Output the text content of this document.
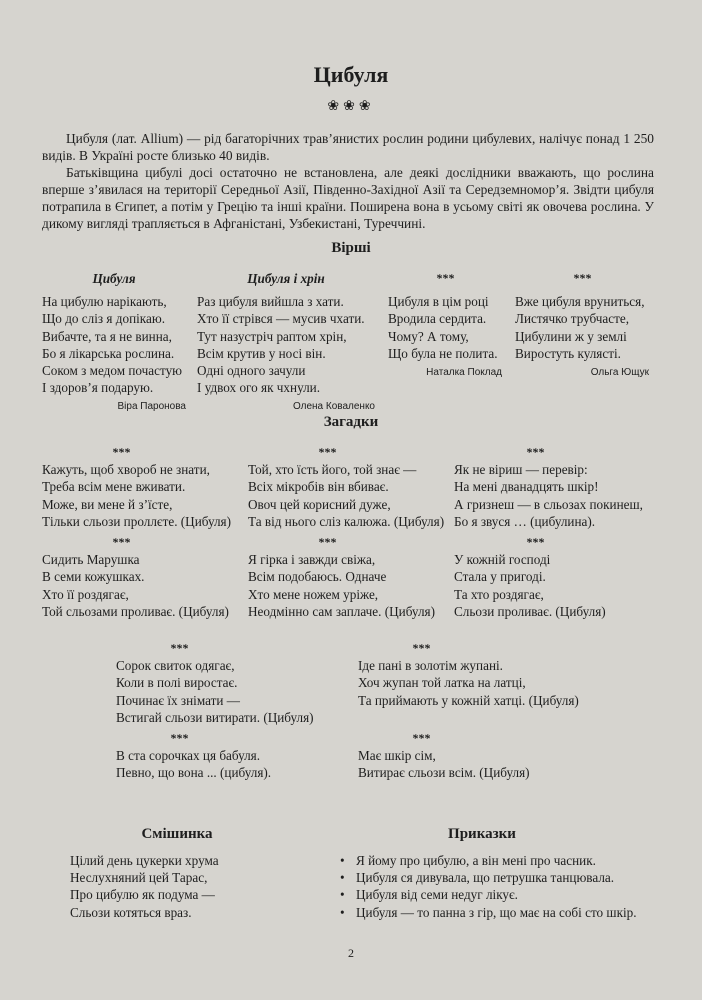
Цибуля
❀❀❀

Цибуля (лат. Allium) — рід багаторічних трав’янистих рослин родини цибулевих, налічує понад 1 250 видів. В Україні росте близько 40 видів.

Батьківщина цибулі досі остаточно не встановлена, але деякі дослідники вважають, що рослина вперше з’явилася на території Середньої Азії, Південно-Західної Азії та Середземномор’я. Звідти цибуля потрапила в Єгипет, а потім у Грецію та інші країни. Поширена вона в усьому світі як овочева рослина. У дикому вигляді трапляється в Афганістані, Узбекистані, Туреччині.

Вірші
Цибуля
На цибулю нарікають,
Що до сліз я допікаю.
Вибачте, та я не винна,
Бо я лікарська рослина.
Соком з медом почастую
І здоров’я подарую.
Віра Паронова
Цибуля і хрін
Раз цибуля вийшла з хати.
Хто її стрівся — мусив чхати.
Тут назустріч раптом хрін,
Всім крутив у носі він.
Одні одного зачули
І удвох ого як чхнули.
Олена Коваленко
***
Цибуля в цім році
Вродила сердита.
Чому? А тому,
Що була не полита.
Наталка Поклад
***
Вже цибуля вруниться,
Листячко трубчасте,
Цибулини ж у землі
Виростуть кулясті.
Ольга Ющук
Загадки
***
Кажуть, щоб хвороб не знати,
Треба всім мене вживати.
Може, ви мене й з’їсте,
Тільки сльози проллєте. (Цибуля)
***
Той, хто їсть його, той знає —
Всіх мікробів він вбиває.
Овоч цей корисний дуже,
Та від нього сліз калюжа. (Цибуля)
***
Як не віриш — перевір:
На мені дванадцять шкір!
А гризнеш — в сльозах покинеш,
Бо я звуся … (цибулина).
***
Сидить Марушка
В семи кожушках.
Хто її роздягає,
Той сльозами проливає. (Цибуля)
***
Я гірка і завжди свіжа,
Всім подобаюсь. Одначе
Хто мене ножем уріже,
Неодмінно сам заплаче. (Цибуля)
***
У кожній господі
Стала у пригоді.
Та хто роздягає,
Сльози проливає. (Цибуля)
***
Сорок свиток одягає,
Коли в полі виростає.
Починає їх знімати —
Встигай сльози витирати. (Цибуля)
***
Іде пані в золотім жупані.
Хоч жупан той латка на латці,
Та приймають у кожній хатці. (Цибуля)
***
В ста сорочках ця бабуля.
Певно, що вона ... (цибуля).
***
Має шкір сім,
Витирає сльози всім. (Цибуля)
Смішинка
Цілий день цукерки хрума
Неслухняний цей Тарас,
Про цибулю як подума —
Сльози котяться враз.
Приказки
• Я йому про цибулю, а він мені про часник.
• Цибуля ся дивувала, що петрушка танцювала.
• Цибуля від семи недуг лікує.
• Цибуля — то панна з гір, що має на собі сто шкір.
2
